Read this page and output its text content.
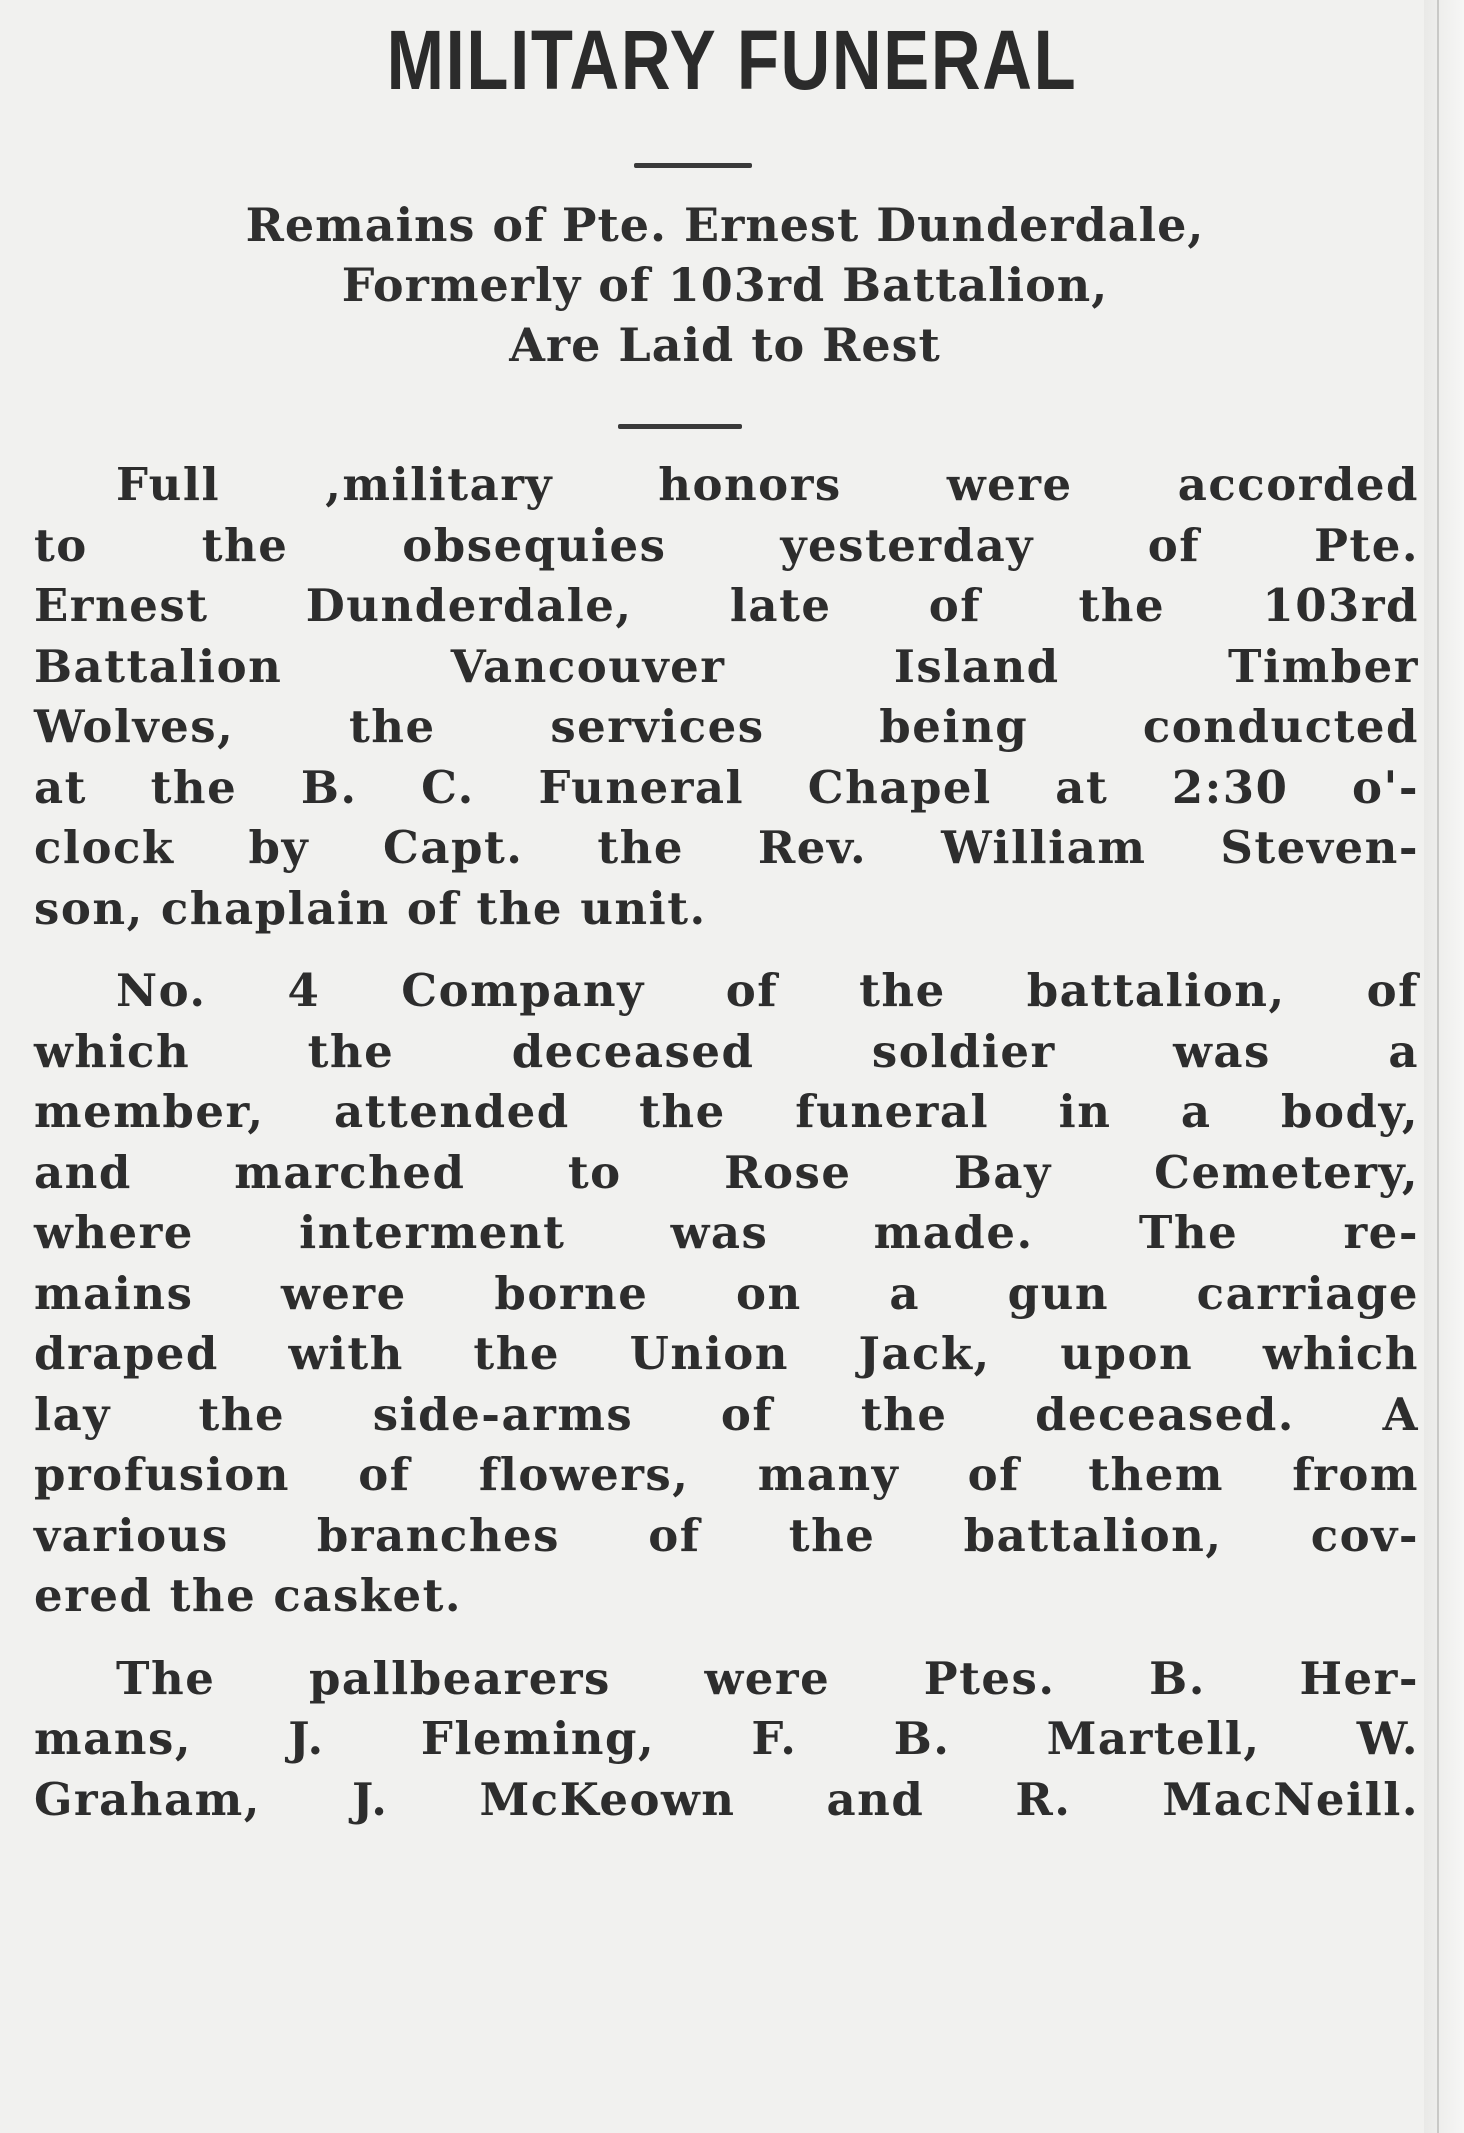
MILITARY FUNERAL
Remains of Pte. Ernest Dunderdale,
Formerly of 103rd Battalion,
Are Laid to Rest

Full ,military honors were accorded
to the obsequies yesterday of Pte.
Ernest Dunderdale, late of the 103rd
Battalion Vancouver Island Timber
Wolves, the services being conducted
at the B. C. Funeral Chapel at 2:30 o'-
clock by Capt. the Rev. William Steven-
son, chaplain of the unit.

No. 4 Company of the battalion, of
which the deceased soldier was a
member, attended the funeral in a body,
and marched to Rose Bay Cemetery,
where interment was made. The re-
mains were borne on a gun carriage
draped with the Union Jack, upon which
lay the side-arms of the deceased. A
profusion of flowers, many of them from
various branches of the battalion, cov-
ered the casket.

The pallbearers were Ptes. B. Her-
mans, J. Fleming, F. B. Martell, W.
Graham, J. McKeown and R. MacNeill.
